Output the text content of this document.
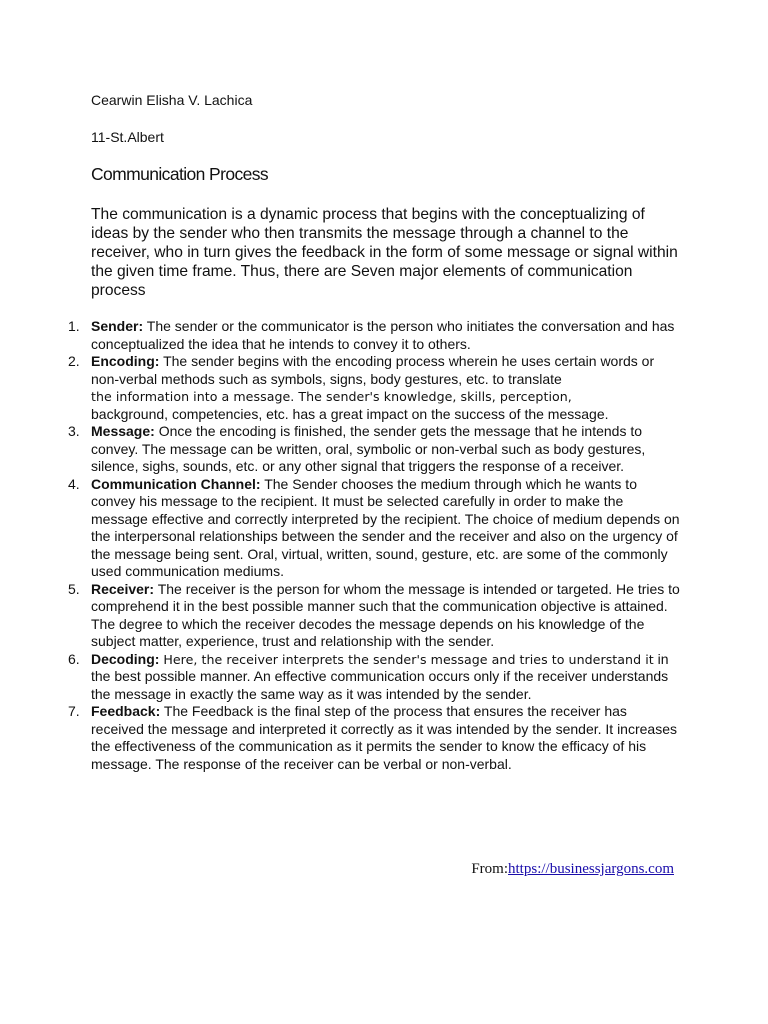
Cearwin Elisha V. Lachica
11-St.Albert
Communication Process

The communication is a dynamic process that begins with the conceptualizing of ideas by the sender who then transmits the message through a channel to the receiver, who in turn gives the feedback in the form of some message or signal within the given time frame. Thus, there are Seven major elements of communication process

1. Sender: The sender or the communicator is the person who initiates the conversation and has conceptualized the idea that he intends to convey it to others.
2. Encoding: The sender begins with the encoding process wherein he uses certain words or non-verbal methods such as symbols, signs, body gestures, etc. to translate
the information into a message. The sender's knowledge, skills, perception,
background, competencies, etc. has a great impact on the success of the message.
3. Message: Once the encoding is finished, the sender gets the message that he intends to convey. The message can be written, oral, symbolic or non-verbal such as body gestures, silence, sighs, sounds, etc. or any other signal that triggers the response of a receiver.
4. Communication Channel: The Sender chooses the medium through which he wants to convey his message to the recipient. It must be selected carefully in order to make the message effective and correctly interpreted by the recipient. The choice of medium depends on the interpersonal relationships between the sender and the receiver and also on the urgency of the message being sent. Oral, virtual, written, sound, gesture, etc. are some of the commonly used communication mediums.
5. Receiver: The receiver is the person for whom the message is intended or targeted. He tries to comprehend it in the best possible manner such that the communication objective is attained. The degree to which the receiver decodes the message depends on his knowledge of the subject matter, experience, trust and relationship with the sender.
6. Decoding: Here, the receiver interprets the sender's message and tries to understand it in the best possible manner. An effective communication occurs only if the receiver understands the message in exactly the same way as it was intended by the sender.
7. Feedback: The Feedback is the final step of the process that ensures the receiver has received the message and interpreted it correctly as it was intended by the sender. It increases the effectiveness of the communication as it permits the sender to know the efficacy of his message. The response of the receiver can be verbal or non-verbal.
From:https://businessjargons.com
